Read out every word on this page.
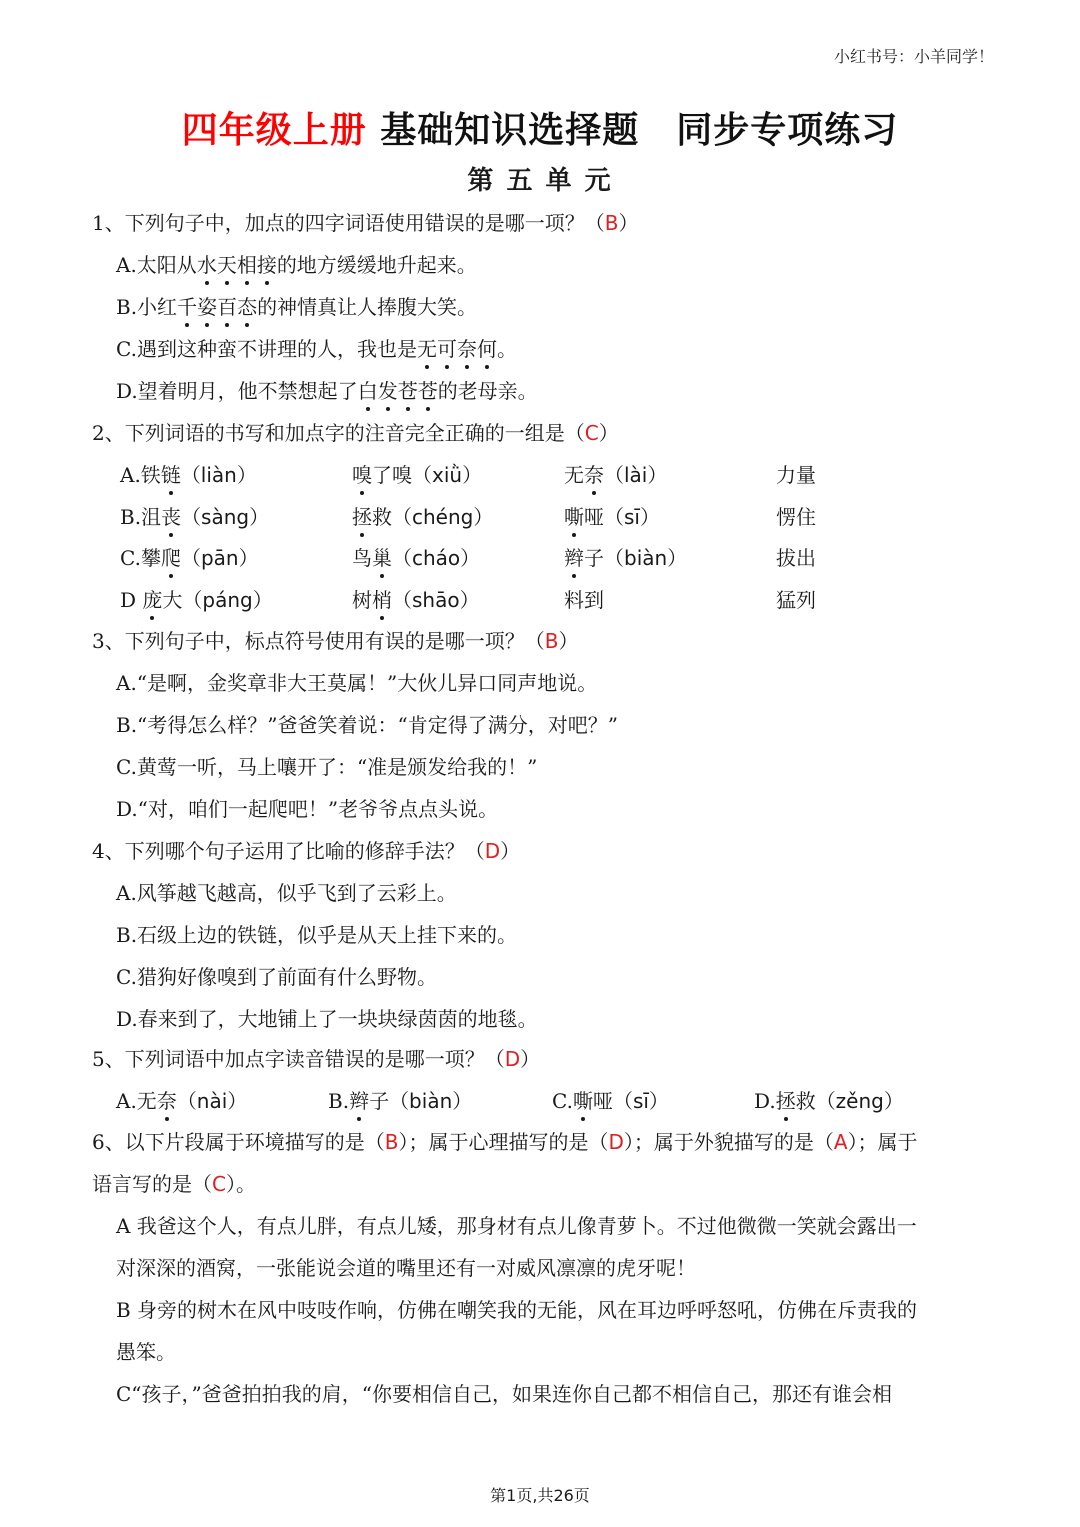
小红书号：小羊同学！
四年级上册 基础知识选择题　同步专项练习
第 五 单 元
1、下列句子中，加点的四字词语使用错误的是哪一项？（B）
A.太阳从水天相接的地方缓缓地升起来。
B.小红千姿百态的神情真让人捧腹大笑。
C.遇到这种蛮不讲理的人，我也是无可奈何。
D.望着明月，他不禁想起了白发苍苍的老母亲。
2、下列词语的书写和加点字的注音完全正确的一组是（C）
3、下列句子中，标点符号使用有误的是哪一项？（B）
A.“是啊，金奖章非大王莫属！”大伙儿异口同声地说。
B.“考得怎么样？”爸爸笑着说：“肯定得了满分，对吧？”
C.黄莺一听，马上嚷开了：“准是颁发给我的！”
D.“对，咱们一起爬吧！”老爷爷点点头说。
4、下列哪个句子运用了比喻的修辞手法？（D）
A.风筝越飞越高，似乎飞到了云彩上。
B.石级上边的铁链，似乎是从天上挂下来的。
C.猎狗好像嗅到了前面有什么野物。
D.春来到了，大地铺上了一块块绿茵茵的地毯。
5、下列词语中加点字读音错误的是哪一项？（D）
6、以下片段属于环境描写的是（B）；属于心理描写的是（D）；属于外貌描写的是（A）；属于
语言写的是（C）。
A 我爸这个人，有点儿胖，有点儿矮，那身材有点儿像青萝卜。不过他微微一笑就会露出一
对深深的酒窝，一张能说会道的嘴里还有一对威风凛凛的虎牙呢！
B 身旁的树木在风中吱吱作响，仿佛在嘲笑我的无能，风在耳边呼呼怒吼，仿佛在斥责我的
愚笨。
C“孩子，”爸爸拍拍我的肩，“你要相信自己，如果连你自己都不相信自己，那还有谁会相
第1页,共26页
A.铁链（liàn）	嗅了嗅（xiǜ）	无奈（lài）	力量
B.沮丧（sàng）	拯救（chéng）	嘶哑（sī）	愣住
C.攀爬（pān）	鸟巢（cháo）	辫子（biàn）	拔出
D 庞大（páng）	树梢（shāo）	料到	猛列
A.无奈（nài）	B.辫子（biàn）	C.嘶哑（sī）	D.拯救（zěng）
